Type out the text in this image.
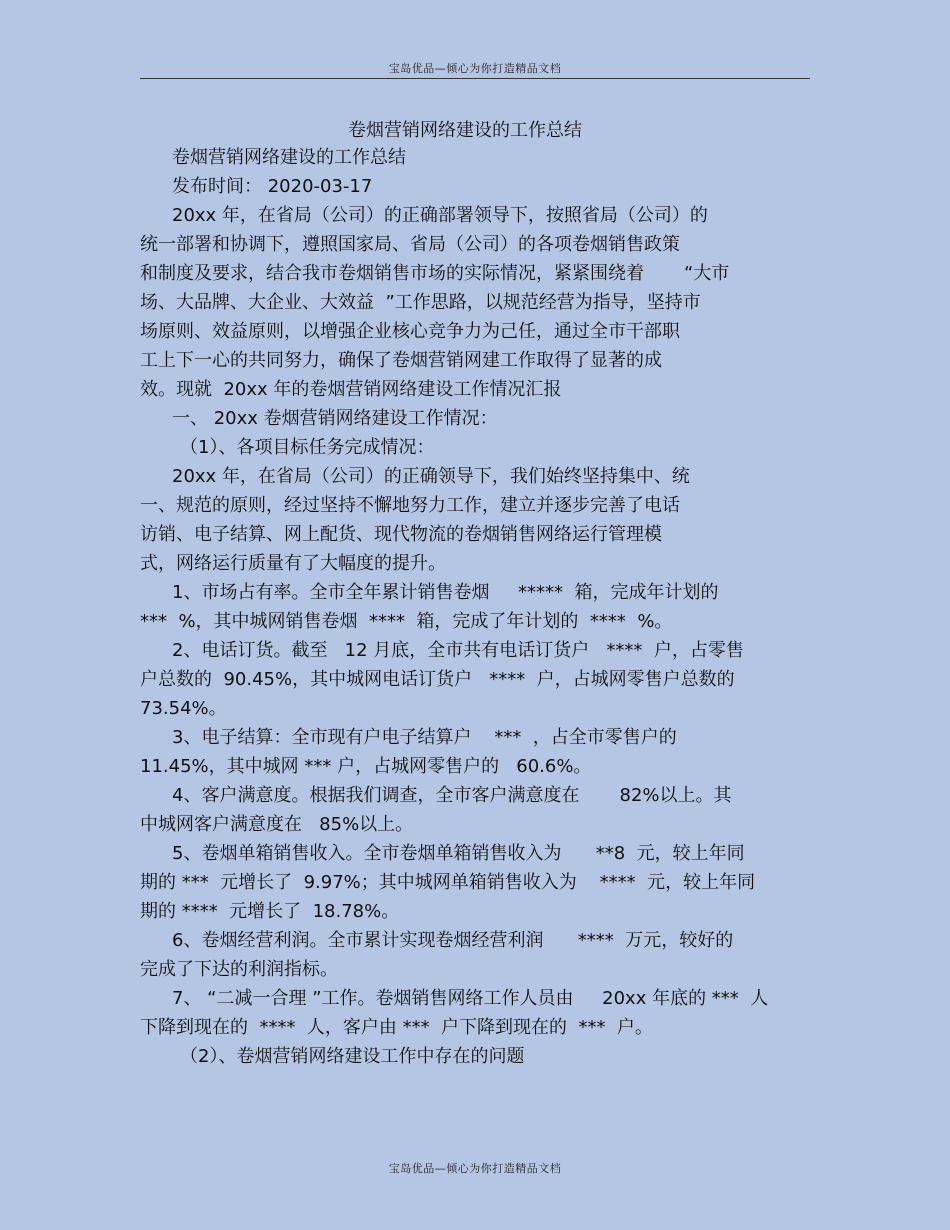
宝岛优品—倾心为你打造精品文档
卷烟营销网络建设的工作总结
卷烟营销网络建设的工作总结
发布时间： 2020-03-17
20xx 年，在省局（公司）的正确部署领导下，按照省局（公司）的
统一部署和协调下，遵照国家局、省局（公司）的各项卷烟销售政策
和制度及要求，结合我市卷烟销售市场的实际情况，紧紧围绕着       “大市
场、大品牌、大企业、大效益  ”工作思路，以规范经营为指导，坚持市
场原则、效益原则，以增强企业核心竞争力为己任，通过全市干部职
工上下一心的共同努力，确保了卷烟营销网建工作取得了显著的成
效。现就  20xx 年的卷烟营销网络建设工作情况汇报
一、 20xx 卷烟营销网络建设工作情况：
（1）、各项目标任务完成情况：
20xx 年，在省局（公司）的正确领导下，我们始终坚持集中、统
一、规范的原则，经过坚持不懈地努力工作，建立并逐步完善了电话
访销、电子结算、网上配货、现代物流的卷烟销售网络运行管理模
式，网络运行质量有了大幅度的提升。
1、市场占有率。全市全年累计销售卷烟     *****  箱，完成年计划的
***  %，其中城网销售卷烟  ****  箱，完成了年计划的  ****  %。
2、电话订货。截至   12 月底，全市共有电话订货户   ****  户，占零售
户总数的  90.45%，其中城网电话订货户   ****  户，占城网零售户总数的
73.54%。
3、电子结算：全市现有户电子结算户    ***  ，占全市零售户的
11.45%，其中城网 *** 户，占城网零售户的   60.6%。
4、客户满意度。根据我们调查，全市客户满意度在       82%以上。其
中城网客户满意度在   85%以上。
5、卷烟单箱销售收入。全市卷烟单箱销售收入为      **8  元，较上年同
期的 ***  元增长了  9.97%；其中城网单箱销售收入为    ****  元，较上年同
期的 ****  元增长了  18.78%。
6、卷烟经营利润。全市累计实现卷烟经营利润      ****  万元，较好的
完成了下达的利润指标。
7、 “二减一合理 ”工作。卷烟销售网络工作人员由     20xx 年底的 ***  人
下降到现在的  ****  人，客户由 ***  户下降到现在的  ***  户。
（2）、卷烟营销网络建设工作中存在的问题
宝岛优品—倾心为你打造精品文档
